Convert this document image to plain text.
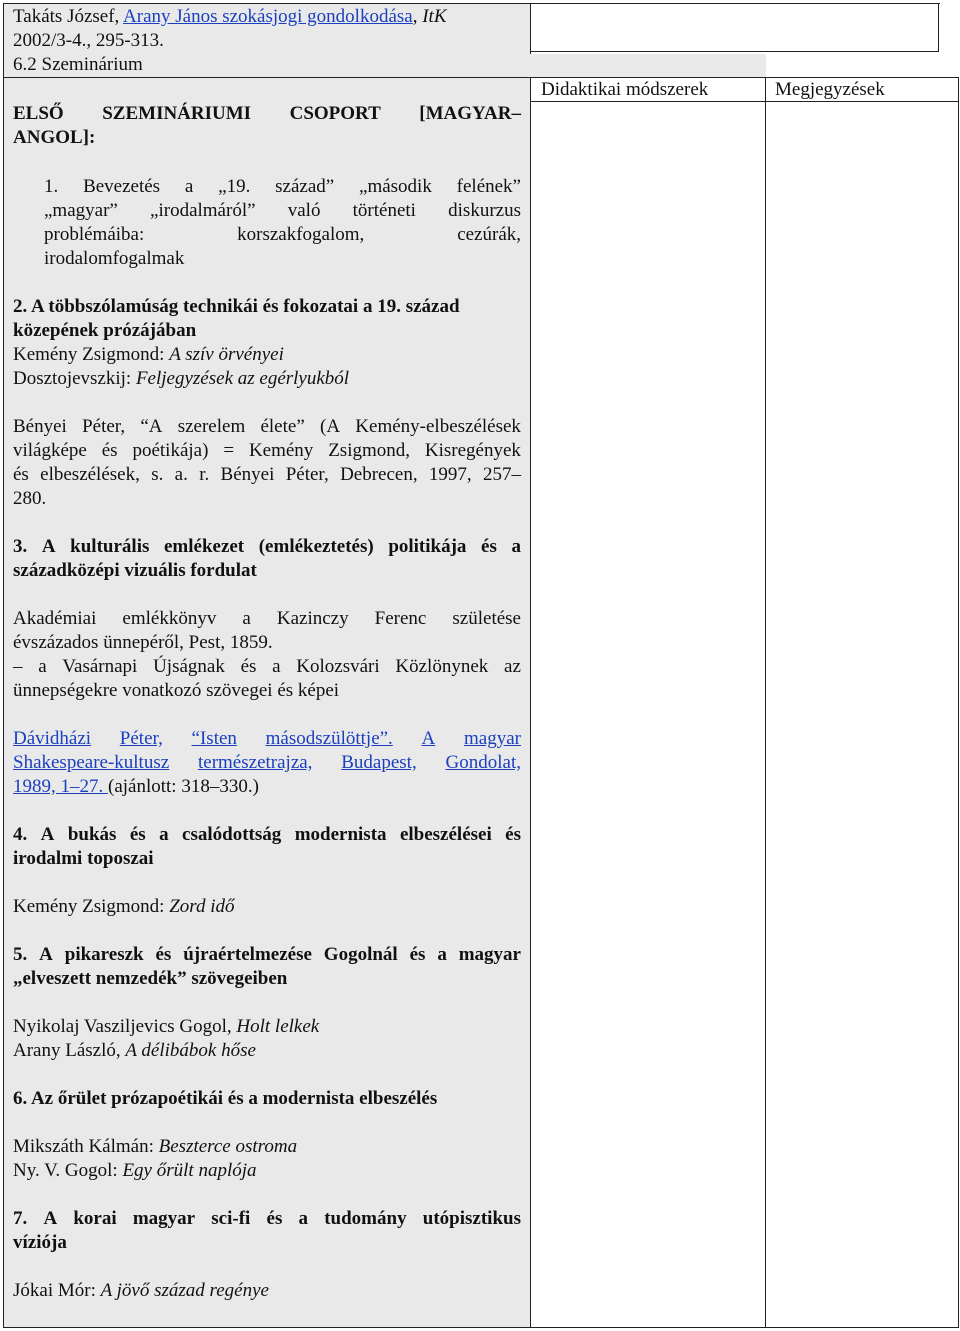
Takáts József, Arany János szokásjogi gondolkodása, ItK
2002/3-4., 295-313.
6.2 Szeminárium
Didaktikai módszerek	Megjegyzések
ELSŐ SZEMINÁRIUMI CSOPORT [MAGYAR–
ANGOL]:
1. Bevezetés a „19. század” „második felének”
„magyar” „irodalmáról” való történeti diskurzus
problémáiba:	korszakfogalom,	cezúrák,
irodalomfogalmak
2. A többszólamúság technikái és fokozatai a 19. század
közepének prózájában
Kemény Zsigmond: A szív örvényei
Dosztojevszkij: Feljegyzések az egérlyukból
Bényei Péter, “A szerelem élete” (A Kemény-elbeszélések
világképe és poétikája) = Kemény Zsigmond, Kisregények
és elbeszélések, s. a. r. Bényei Péter, Debrecen, 1997, 257–
280.
3. A kulturális emlékezet (emlékeztetés) politikája és a
századközépi vizuális fordulat
Akadémiai emlékkönyv a Kazinczy Ferenc születése
évszázados ünnepéről, Pest, 1859.
– a Vasárnapi Újságnak és a Kolozsvári Közlönynek az
ünnepségekre vonatkozó szövegei és képei
Dávidházi Péter, “Isten másodszülöttje”. A magyar
Shakespeare-kultusz természetrajza, Budapest, Gondolat,
1989, 1–27. (ajánlott: 318–330.)
4. A bukás és a csalódottság modernista elbeszélései és
irodalmi toposzai
Kemény Zsigmond: Zord idő
5. A pikareszk és újraértelmezése Gogolnál és a magyar
„elveszett nemzedék” szövegeiben
Nyikolaj Vasziljevics Gogol, Holt lelkek
Arany László, A délibábok hőse
6. Az őrület prózapoétikái és a modernista elbeszélés
Mikszáth Kálmán: Beszterce ostroma
Ny. V. Gogol: Egy őrült naplója
7. A korai magyar sci-fi és a tudomány utópisztikus
víziója
Jókai Mór: A jövő század regénye
